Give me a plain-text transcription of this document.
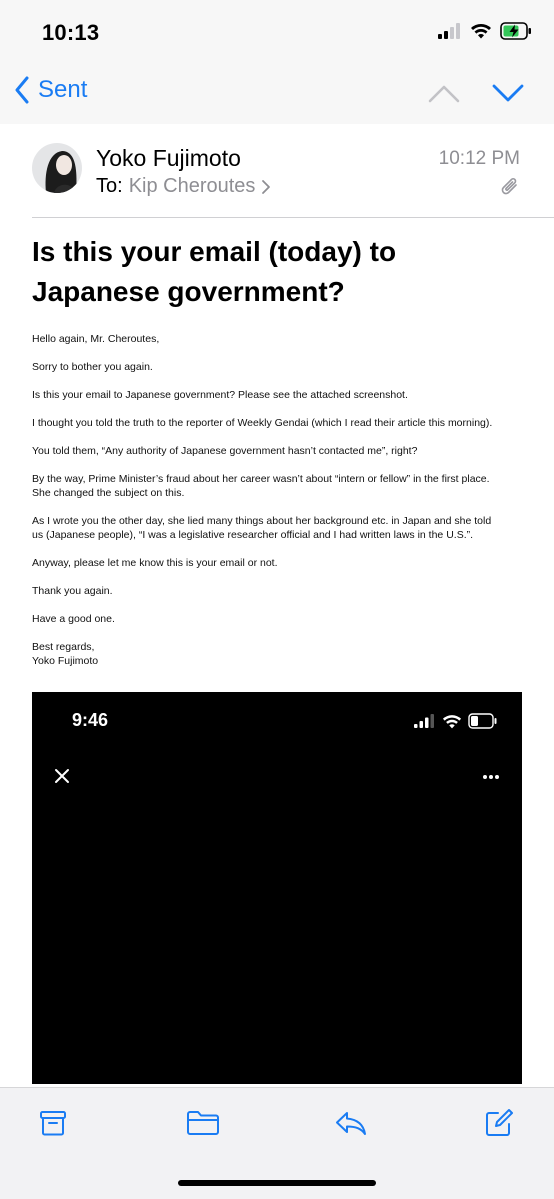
10:13
Sent
Yoko Fujimoto
To: Kip Cheroutes
10:12 PM
Is this your email (today) to Japanese government?

Hello again, Mr. Cheroutes,

Sorry to bother you again.

Is this your email to Japanese government? Please see the attached screenshot.

I thought you told the truth to the reporter of Weekly Gendai (which I read their article this morning).

You told them, “Any authority of Japanese government hasn’t contacted me”, right?

By the way, Prime Minister’s fraud about her career wasn’t about “intern or fellow” in the first place. She changed the subject on this.

As I wrote you the other day, she lied many things about her background etc. in Japan and she told us (Japanese people), “I was a legislative researcher official and I had written laws in the U.S.”.

Anyway, please let me know this is your email or not.

Thank you again.

Have a good one.

Best regards,

Yoko Fujimoto

9:46
